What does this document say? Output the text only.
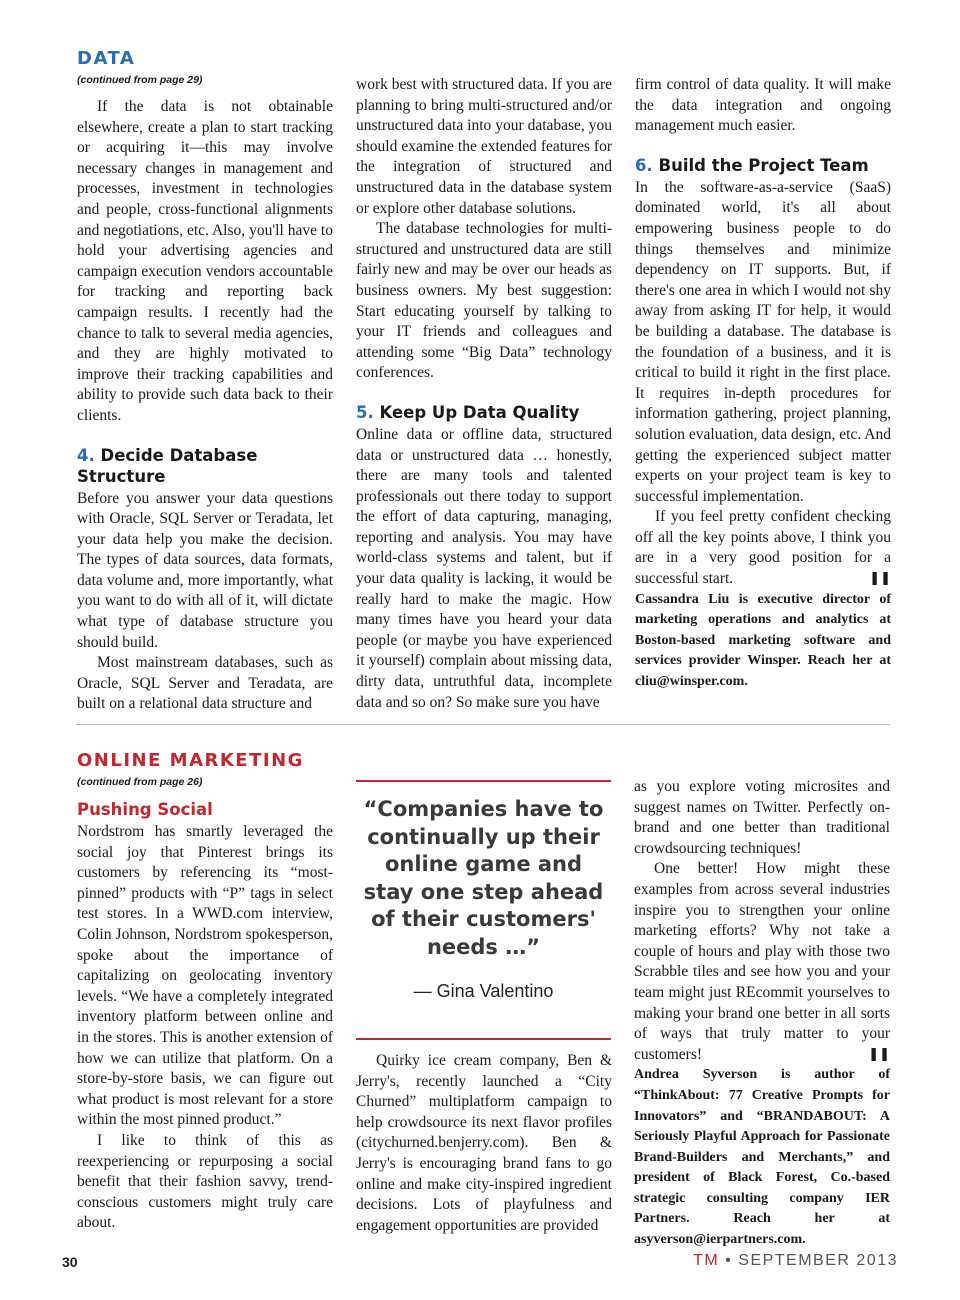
DATA
(continued from page 29)

If the data is not obtainable elsewhere, create a plan to start tracking or acquiring it—this may involve necessary changes in management and processes, investment in technologies and people, cross-functional alignments and negotiations, etc. Also, you'll have to hold your advertising agencies and campaign execution vendors accountable for tracking and reporting back campaign results. I recently had the chance to talk to several media agencies, and they are highly motivated to improve their tracking capabilities and ability to provide such data back to their clients.

4. Decide Database Structure

Before you answer your data questions with Oracle, SQL Server or Teradata, let your data help you make the decision. The types of data sources, data formats, data volume and, more importantly, what you want to do with all of it, will dictate what type of database structure you should build.

Most mainstream databases, such as Oracle, SQL Server and Teradata, are built on a relational data structure and

work best with structured data. If you are planning to bring multi-structured and/or unstructured data into your database, you should examine the extended features for the integration of structured and unstructured data in the database system or explore other database solutions.

The database technologies for multi-structured and unstructured data are still fairly new and may be over our heads as business owners. My best suggestion: Start educating yourself by talking to your IT friends and colleagues and attending some “Big Data” technology conferences.

5. Keep Up Data Quality

Online data or offline data, structured data or unstructured data … honestly, there are many tools and talented professionals out there today to support the effort of data capturing, managing, reporting and analysis. You may have world-class systems and talent, but if your data quality is lacking, it would be really hard to make the magic. How many times have you heard your data people (or maybe you have experienced it yourself) complain about missing data, dirty data, untruthful data, incomplete data and so on? So make sure you have

firm control of data quality. It will make the data integration and ongoing management much easier.

6. Build the Project Team

In the software-as-a-service (SaaS) dominated world, it's all about empowering business people to do things themselves and minimize dependency on IT supports. But, if there's one area in which I would not shy away from asking IT for help, it would be building a database. The database is the foundation of a business, and it is critical to build it right in the first place. It requires in-depth procedures for information gathering, project planning, solution evaluation, data design, etc. And getting the experienced subject matter experts on your project team is key to successful implementation.

If you feel pretty confident checking off all the key points above, I think you are in a very good position for a successful start.	❚❚

Cassandra Liu is executive director of marketing operations and analytics at Boston-based marketing software and services provider Winsper. Reach her at cliu@winsper.com.

ONLINE MARKETING
(continued from page 26)
Pushing Social

Nordstrom has smartly leveraged the social joy that Pinterest brings its customers by referencing its “most-pinned” products with “P” tags in select test stores. In a WWD.com interview, Colin Johnson, Nordstrom spokesperson, spoke about the importance of capitalizing on geolocating inventory levels. “We have a completely integrated inventory platform between online and in the stores. This is another extension of how we can utilize that platform. On a store-by-store basis, we can figure out what product is most relevant for a store within the most pinned product.”

I like to think of this as reexperiencing or repurposing a social benefit that their fashion savvy, trend-conscious customers might truly care about.

“Companies have to continually up their online game and stay one step ahead of their customers' needs …”
— Gina Valentino

Quirky ice cream company, Ben & Jerry's, recently launched a “City Churned” multiplatform campaign to help crowdsource its next flavor profiles (citychurned.benjerry.com). Ben & Jerry's is encouraging brand fans to go online and make city-inspired ingredient decisions. Lots of playfulness and engagement opportunities are provided

as you explore voting microsites and suggest names on Twitter. Perfectly on-brand and one better than traditional crowdsourcing techniques!

One better! How might these examples from across several industries inspire you to strengthen your online marketing efforts? Why not take a couple of hours and play with those two Scrabble tiles and see how you and your team might just REcommit yourselves to making your brand one better in all sorts of ways that truly matter to your customers!	❚❚

Andrea Syverson is author of “ThinkAbout: 77 Creative Prompts for Innovators” and “BRANDABOUT: A Seriously Playful Approach for Passionate Brand-Builders and Merchants,” and president of Black Forest, Co.-based strategic consulting company IER Partners. Reach her at asyverson@ierpartners.com.

30	TM • SEPTEMBER 2013
